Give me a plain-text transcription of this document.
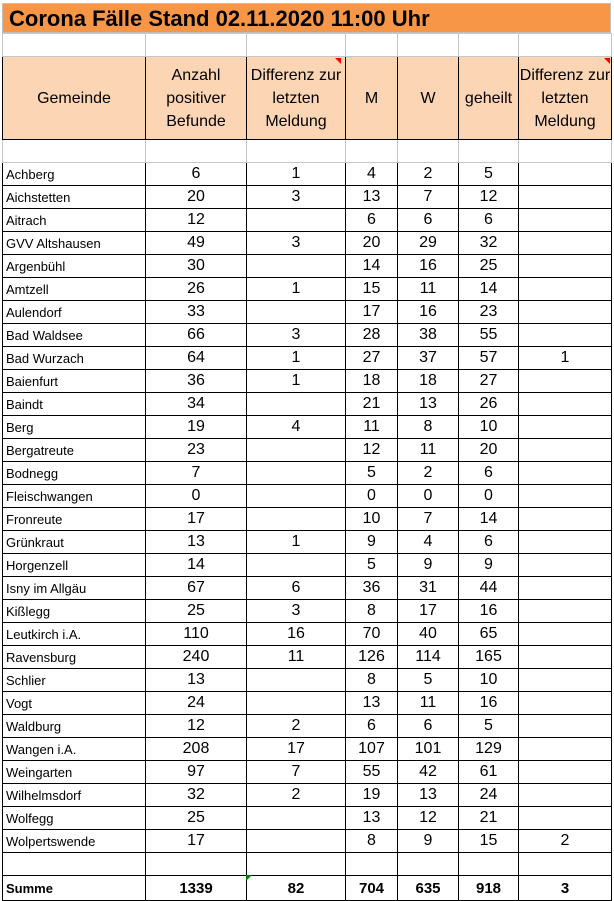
Corona Fälle Stand 02.11.2020 11:00 Uhr

Gemeinde	Anzahl positiver Befunde	Differenz zur letzten Meldung	M	W	geheilt	Differenz zur letzten Meldung

Achberg	6	1	4	2	5	
Aichstetten	20	3	13	7	12	
Aitrach	12		6	6	6	
GVV Altshausen	49	3	20	29	32	
Argenbühl	30		14	16	25	
Amtzell	26	1	15	11	14	
Aulendorf	33		17	16	23	
Bad Waldsee	66	3	28	38	55	
Bad Wurzach	64	1	27	37	57	1
Baienfurt	36	1	18	18	27	
Baindt	34		21	13	26	
Berg	19	4	11	8	10	
Bergatreute	23		12	11	20	
Bodnegg	7		5	2	6	
Fleischwangen	0		0	0	0	
Fronreute	17		10	7	14	
Grünkraut	13	1	9	4	6	
Horgenzell	14		5	9	9	
Isny im Allgäu	67	6	36	31	44	
Kißlegg	25	3	8	17	16	
Leutkirch i.A.	110	16	70	40	65	
Ravensburg	240	11	126	114	165	
Schlier	13		8	5	10	
Vogt	24		13	11	16	
Waldburg	12	2	6	6	5	
Wangen i.A.	208	17	107	101	129	
Weingarten	97	7	55	42	61	
Wilhelmsdorf	32	2	19	13	24	
Wolfegg	25		13	12	21	
Wolpertswende	17		8	9	15	2

Summe	1339	82	704	635	918	3
